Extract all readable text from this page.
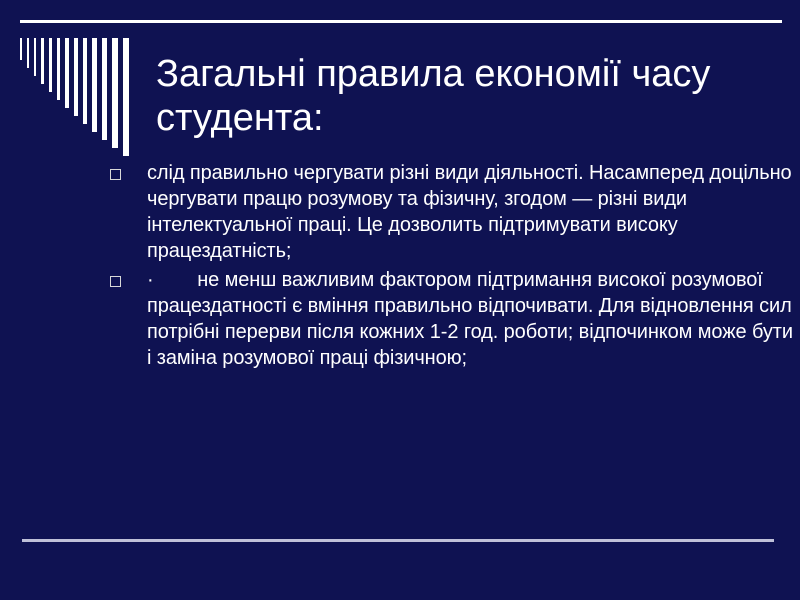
Загальні правила економії часу студента:
слід правильно чергувати різні види діяльності. Насамперед доцільно чергувати працю розумову та фізичну, згодом — різні види інтелектуальної праці. Це дозволить підтримувати високу працездатність;
·        не менш важливим фактором підтримання високої розумової працездатності є вміння правильно відпочивати. Для відновлення сил потрібні перерви після кожних 1-2 год. роботи; відпочинком може бути і заміна розумової праці фізичною;
